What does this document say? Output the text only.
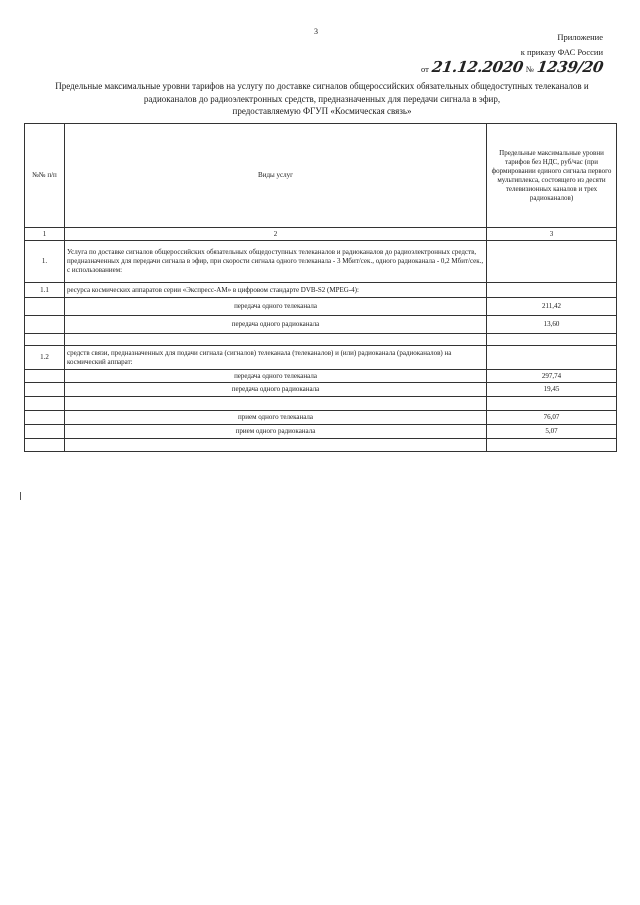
3
Приложение
к приказу ФАС России
от 21.12.2020 № 1239/20
Предельные максимальные уровни тарифов на услугу по доставке сигналов общероссийских обязательных общедоступных телеканалов и
радиоканалов до радиоэлектронных средств, предназначенных для передачи сигнала в эфир,
предоставляемую ФГУП «Космическая связь»
№№ п/п	Виды услуг	Предельные максимальные уровни тарифов без НДС, руб/час (при формировании единого сигнала первого мультиплекса, состоящего из десяти телевизионных каналов и трех радиоканалов)
1	2	3
1.	Услуга по доставке сигналов общероссийских обязательных общедоступных телеканалов и радиоканалов до радиоэлектронных средств, предназначенных для передачи сигнала в эфир, при скорости сигнала одного телеканала - 3 Мбит/сек., одного радиоканала - 0,2 Мбит/сек., с использованием:	
1.1	ресурса космических аппаратов серии «Экспресс-АМ» в цифровом стандарте DVB-S2 (MPEG-4):	
	передача одного телеканала	211,42
	передача одного радиоканала	13,60

1.2	средств связи, предназначенных для подачи сигнала (сигналов) телеканала (телеканалов) и (или) радиоканала (радиоканалов) на космический аппарат:	
	передача одного телеканала	297,74
	передача одного радиоканала	19,45

	прием одного телеканала	76,07
	прием одного радиоканала	5,07
